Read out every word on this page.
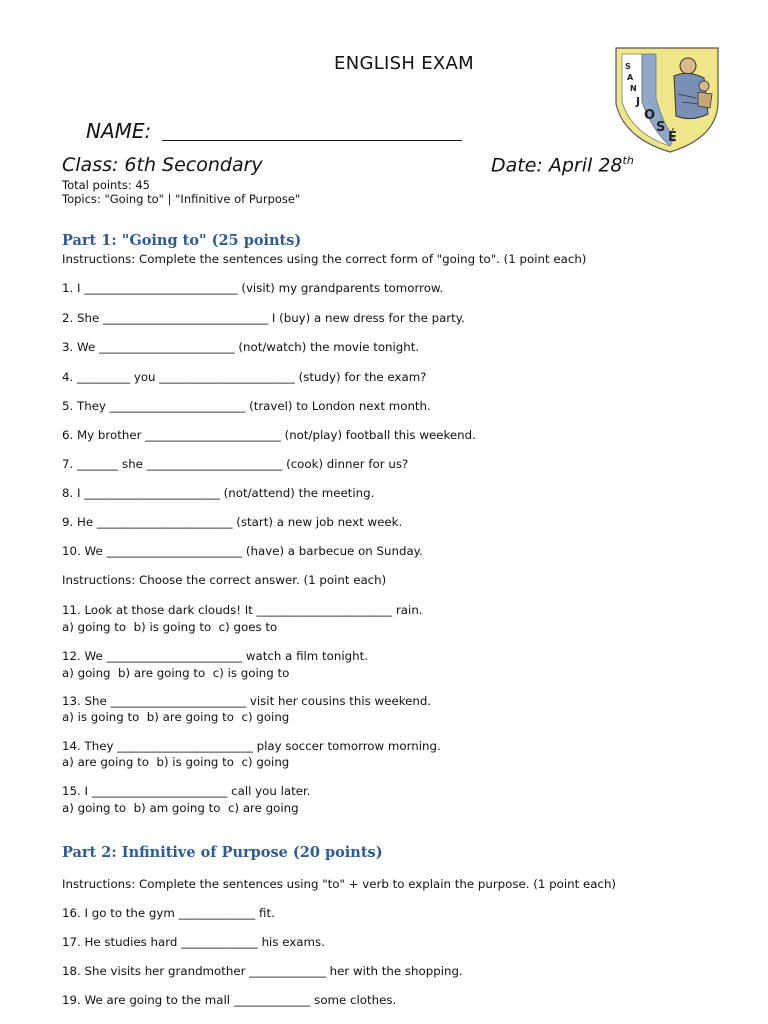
ENGLISH EXAM	S
A
N
J
O
S
É
NAME:
Class: 6th Secondary	Date: April 28th
Total points: 45
Topics: "Going to" | "Infinitive of Purpose"
Part 1: "Going to" (25 points)
Instructions: Complete the sentences using the correct form of "going to". (1 point each)
1. I __________________________ (visit) my grandparents tomorrow.
2. She ____________________________ I (buy) a new dress for the party.
3. We _______________________ (not/watch) the movie tonight.
4. _________ you _______________________ (study) for the exam?
5. They _______________________ (travel) to London next month.
6. My brother _______________________ (not/play) football this weekend.
7. _______ she _______________________ (cook) dinner for us?
8. I _______________________ (not/attend) the meeting.
9. He _______________________ (start) a new job next week.
10. We _______________________ (have) a barbecue on Sunday.
Instructions: Choose the correct answer. (1 point each)
11. Look at those dark clouds! It _______________________ rain.
a) going to  b) is going to  c) goes to
12. We _______________________ watch a film tonight.
a) going  b) are going to  c) is going to
13. She _______________________ visit her cousins this weekend.
a) is going to  b) are going to  c) going
14. They _______________________ play soccer tomorrow morning.
a) are going to  b) is going to  c) going
15. I _______________________ call you later.
a) going to  b) am going to  c) are going
Part 2: Infinitive of Purpose (20 points)
Instructions: Complete the sentences using "to" + verb to explain the purpose. (1 point each)
16. I go to the gym _____________ fit.
17. He studies hard _____________ his exams.
18. She visits her grandmother _____________ her with the shopping.
19. We are going to the mall _____________ some clothes.
